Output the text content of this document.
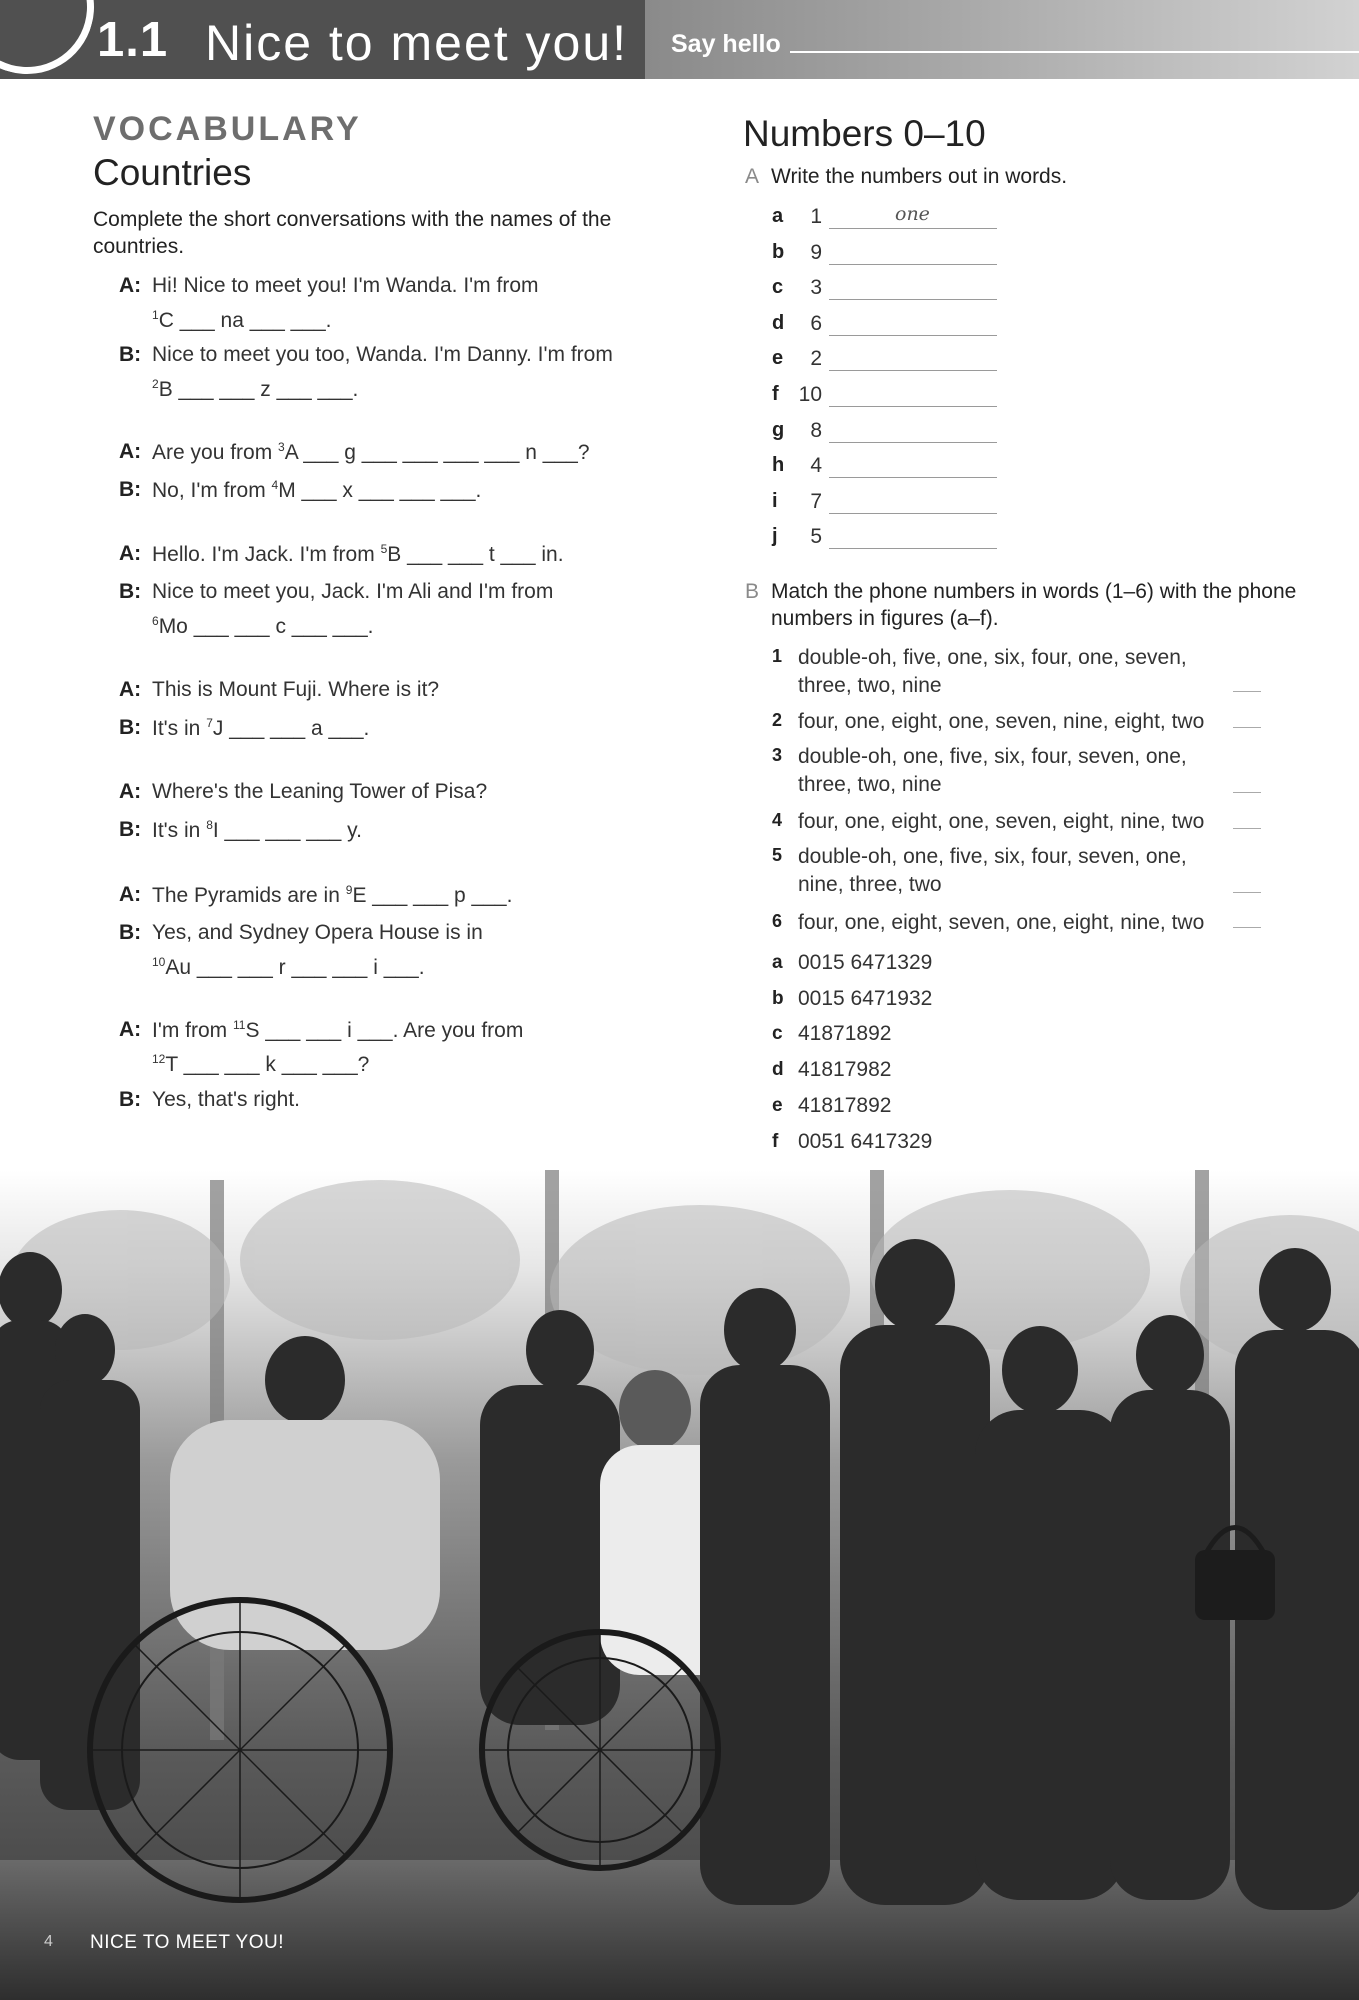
1.1 Nice to meet you! Say hello
VOCABULARY
Countries
Complete the short conversations with the names of the countries.
A: Hi! Nice to meet you! I'm Wanda. I'm from
$^1$C ___ na ___ ___.
B: Nice to meet you too, Wanda. I'm Danny. I'm from
$^2$B ___ ___ z ___ ___.
A: Are you from $^3$A ___ g ___ ___ ___ ___ n ___?
B: No, I'm from $^4$M ___ x ___ ___ ___.
A: Hello. I'm Jack. I'm from $^5$B ___ ___ t ___ in.
B: Nice to meet you, Jack. I'm Ali and I'm from
$^6$Mo ___ ___ c ___ ___.
A: This is Mount Fuji. Where is it?
B: It's in $^7$J ___ ___ a ___.
A: Where's the Leaning Tower of Pisa?
B: It's in $^8$I ___ ___ ___ y.
A: The Pyramids are in $^9$E ___ ___ p ___.
B: Yes, and Sydney Opera House is in
$^{10}$Au ___ ___ r ___ ___ i ___.
A: I'm from $^{11}$S ___ ___ i ___. Are you from
$^{12}$T ___ ___ k ___ ___?
B: Yes, that's right.
Numbers 0–10
A Write the numbers out in words.
a	1	one
b	9
c	3
d	6
e	2
f 10
g	8
h	4
i	7
j	5
B Match the phone numbers in words (1–6) with the phone numbers in figures (a–f).
1 double-oh, five, one, six, four, one, seven, three, two, nine
2 four, one, eight, one, seven, nine, eight, two
3 double-oh, one, five, six, four, seven, one, three, two, nine
4 four, one, eight, one, seven, eight, nine, two
5 double-oh, one, five, six, four, seven, one, nine, three, two
6 four, one, eight, seven, one, eight, nine, two
a 0015 6471329
b 0015 6471932
c 41871892
d 41817982
e 41817892
f 0051 6417329
4 NICE TO MEET YOU!
